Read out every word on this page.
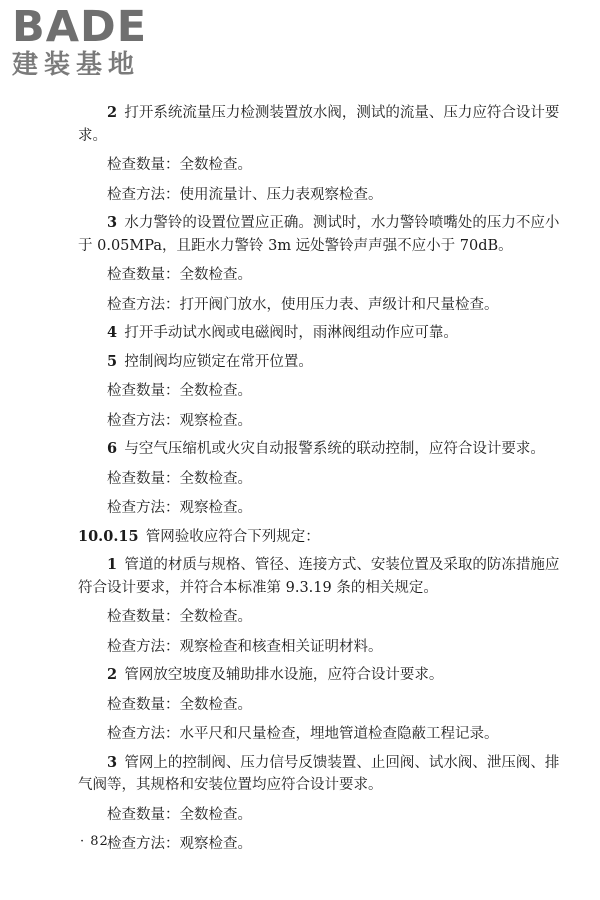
BADE
建装基地

2  打开系统流量压力检测装置放水阀，测试的流量、压力应符合设计要求。

检查数量：全数检查。

检查方法：使用流量计、压力表观察检查。

3  水力警铃的设置位置应正确。测试时，水力警铃喷嘴处的压力不应小于 0.05MPa，且距水力警铃 3m 远处警铃声声强不应小于 70dB。

检查数量：全数检查。

检查方法：打开阀门放水，使用压力表、声级计和尺量检查。

4  打开手动试水阀或电磁阀时，雨淋阀组动作应可靠。

5  控制阀均应锁定在常开位置。

检查数量：全数检查。

检查方法：观察检查。

6  与空气压缩机或火灾自动报警系统的联动控制，应符合设计要求。

检查数量：全数检查。

检查方法：观察检查。

10.0.15  管网验收应符合下列规定：

1  管道的材质与规格、管径、连接方式、安装位置及采取的防冻措施应符合设计要求，并符合本标准第 9.3.19 条的相关规定。

检查数量：全数检查。

检查方法：观察检查和核查相关证明材料。

2  管网放空坡度及辅助排水设施，应符合设计要求。

检查数量：全数检查。

检查方法：水平尺和尺量检查，埋地管道检查隐蔽工程记录。

3  管网上的控制阀、压力信号反馈装置、止回阀、试水阀、泄压阀、排气阀等，其规格和安装位置均应符合设计要求。

检查数量：全数检查。

检查方法：观察检查。

· 82 ·
